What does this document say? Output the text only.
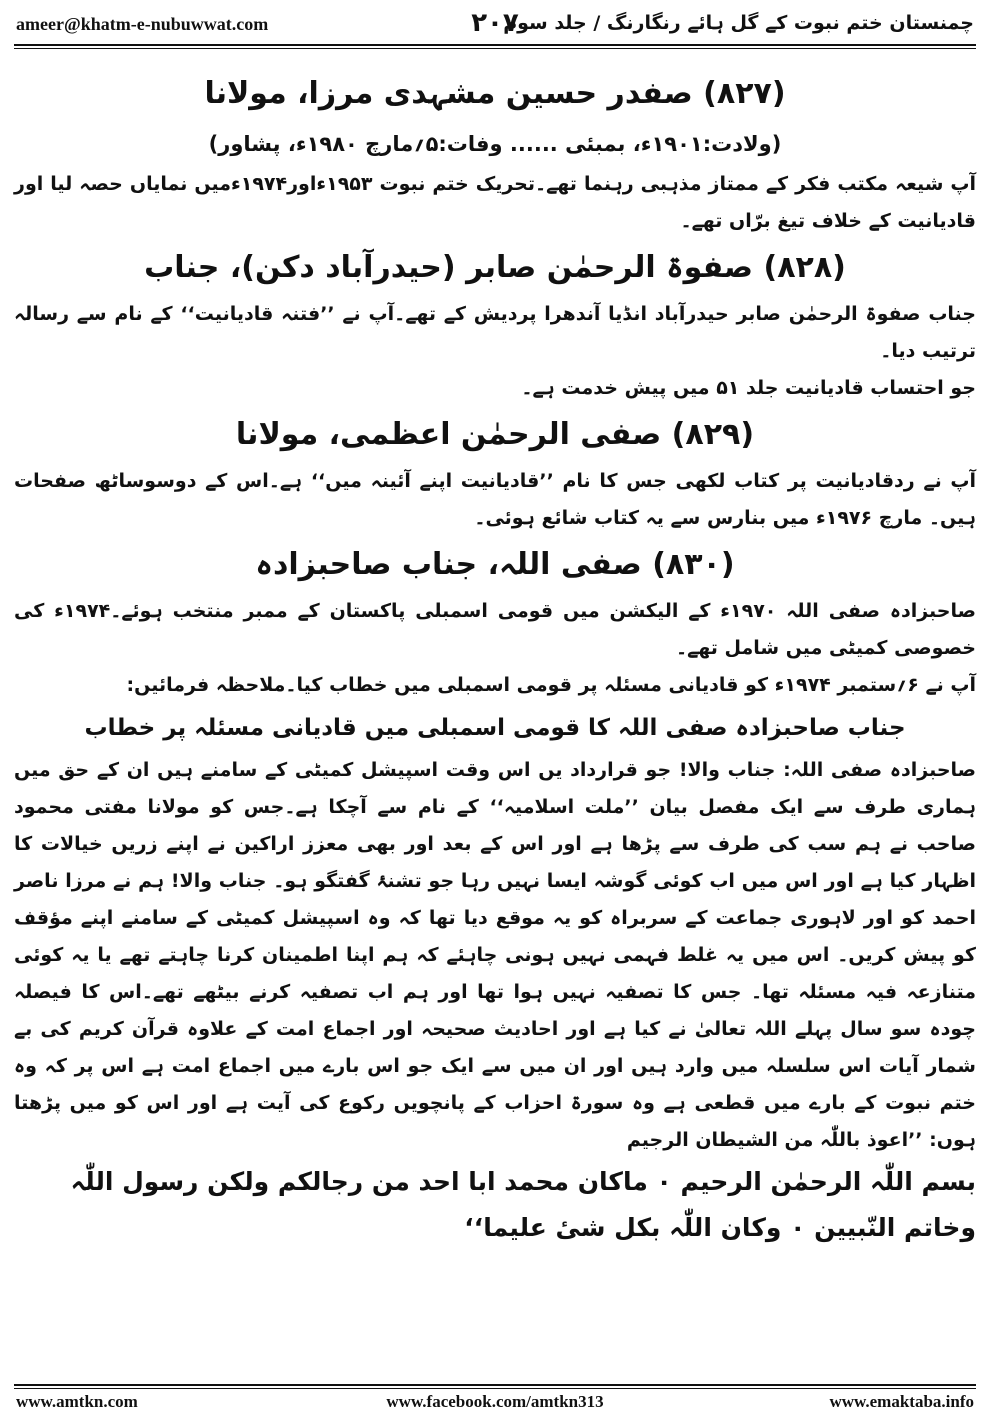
ameer@khatm-e-nubuwwat.com	۲۰۷
چمنستان ختم نبوت کے گل ہائے رنگارنگ / جلد سوم
(۸۲۷) صفدر حسین مشہدی مرزا، مولانا

(ولادت:۱۹۰۱ء، بمبئی ...... وفات:۵؍مارچ ۱۹۸۰ء، پشاور)

آپ شیعہ مکتب فکر کے ممتاز مذہبی رہنما تھے۔تحریک ختم نبوت ۱۹۵۳ءاور۱۹۷۴ءمیں نمایاں حصہ لیا اور قادیانیت کے خلاف تیغ برّاں تھے۔

(۸۲۸) صفوۃ الرحمٰن صابر (حیدرآباد دکن)، جناب

جناب صفوۃ الرحمٰن صابر حیدرآباد انڈیا آندھرا پردیش کے تھے۔آپ نے ’’فتنہ قادیانیت‘‘ کے نام سے رسالہ ترتیب دیا۔

جو احتساب قادیانیت جلد ۵۱ میں پیش خدمت ہے۔

(۸۲۹) صفی الرحمٰن اعظمی، مولانا

آپ نے ردقادیانیت پر کتاب لکھی جس کا نام ’’قادیانیت اپنے آئینہ میں‘‘ ہے۔اس کے دوسوساٹھ صفحات ہیں۔ مارچ ۱۹۷۶ء میں بنارس سے یہ کتاب شائع ہوئی۔

(۸۳۰) صفی اللہ، جناب صاحبزادہ

صاحبزادہ صفی اللہ ۱۹۷۰ء کے الیکشن میں قومی اسمبلی پاکستان کے ممبر منتخب ہوئے۔۱۹۷۴ء کی خصوصی کمیٹی میں شامل تھے۔

آپ نے ۶؍ستمبر ۱۹۷۴ء کو قادیانی مسئلہ پر قومی اسمبلی میں خطاب کیا۔ملاحظہ فرمائیں:

جناب صاحبزادہ صفی اللہ کا قومی اسمبلی میں قادیانی مسئلہ پر خطاب

صاحبزادہ صفی اللہ: جناب والا! جو قرارداد یں اس وقت اسپیشل کمیٹی کے سامنے ہیں ان کے حق میں ہماری طرف سے ایک مفصل بیان ’’ملت اسلامیہ‘‘ کے نام سے آچکا ہے۔جس کو مولانا مفتی محمود صاحب نے ہم سب کی طرف سے پڑھا ہے اور اس کے بعد اور بھی معزز اراکین نے اپنے زریں خیالات کا اظہار کیا ہے اور اس میں اب کوئی گوشہ ایسا نہیں رہا جو تشنۂ گفتگو ہو۔ جناب والا! ہم نے مرزا ناصر احمد کو اور لاہوری جماعت کے سربراہ کو یہ موقع دیا تھا کہ وہ اسپیشل کمیٹی کے سامنے اپنے مؤقف کو پیش کریں۔ اس میں یہ غلط فہمی نہیں ہونی چاہئے کہ ہم اپنا اطمینان کرنا چاہتے تھے یا یہ کوئی متنازعہ فیہ مسئلہ تھا۔ جس کا تصفیہ نہیں ہوا تھا اور ہم اب تصفیہ کرنے بیٹھے تھے۔اس کا فیصلہ چودہ سو سال پہلے اللہ تعالیٰ نے کیا ہے اور احادیث صحیحہ اور اجماع امت کے علاوہ قرآن کریم کی بے شمار آیات اس سلسلہ میں وارد ہیں اور ان میں سے ایک جو اس بارے میں اجماع امت ہے اس پر کہ وہ ختم نبوت کے بارے میں قطعی ہے وہ سورۃ احزاب کے پانچویں رکوع کی آیت ہے اور اس کو میں پڑھتا ہوں: ’’اعوذ باللّٰہ من الشیطان الرجیم

بسم اللّٰہ الرحمٰن الرحیم ۰ ماکان محمد ابا احد من رجالکم ولکن رسول اللّٰہ وخاتم النّبیین ۰ وکان اللّٰہ بکل شیٔ علیما‘‘

www.amtkn.com	www.facebook.com/amtkn313	www.emaktaba.info
